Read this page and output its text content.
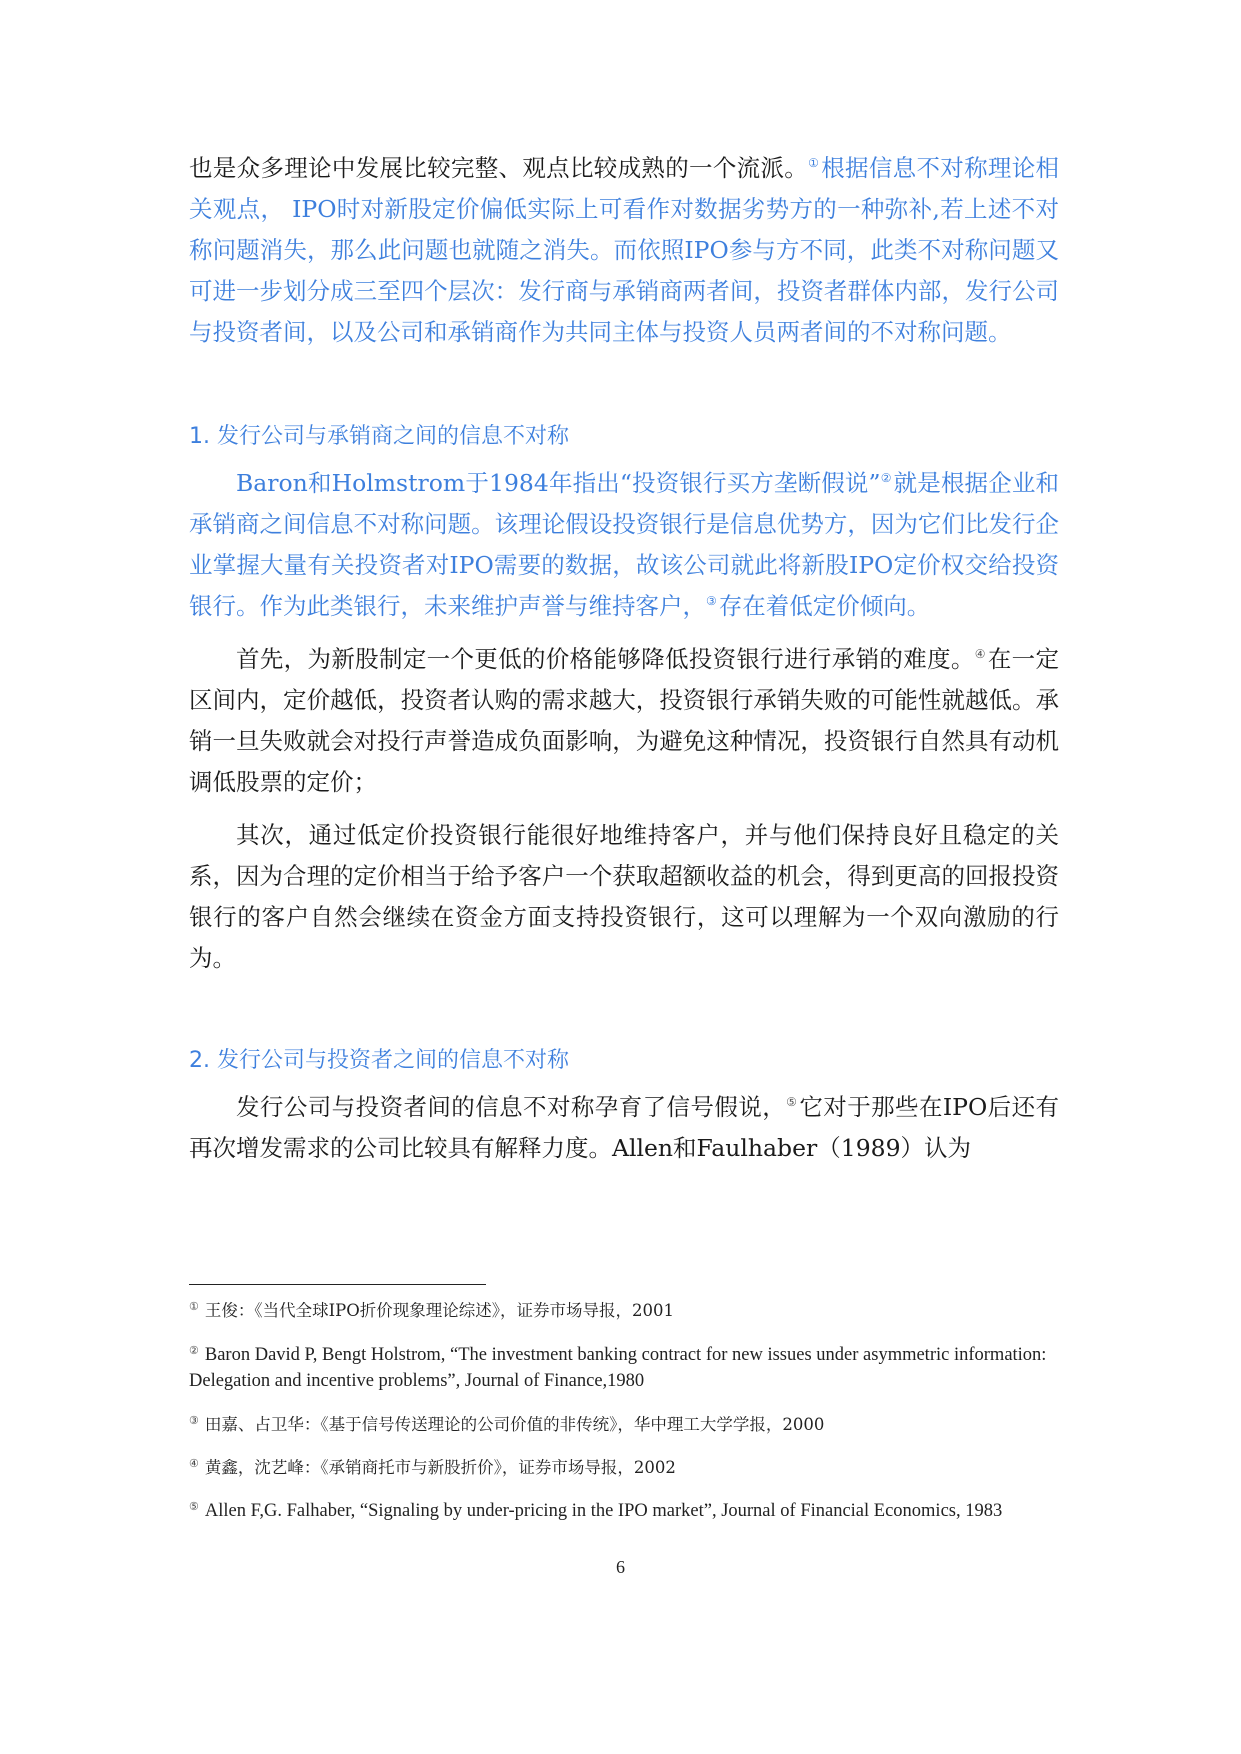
也是众多理论中发展比较完整、观点比较成熟的一个流派。①根据信息不对称理论相关观点， IPO时对新股定价偏低实际上可看作对数据劣势方的一种弥补,若上述不对称问题消失，那么此问题也就随之消失。而依照IPO参与方不同，此类不对称问题又可进一步划分成三至四个层次：发行商与承销商两者间，投资者群体内部，发行公司与投资者间，以及公司和承销商作为共同主体与投资人员两者间的不对称问题。

1. 发行公司与承销商之间的信息不对称

Baron和Holmstrom于1984年指出“投资银行买方垄断假说”②就是根据企业和承销商之间信息不对称问题。该理论假设投资银行是信息优势方，因为它们比发行企业掌握大量有关投资者对IPO需要的数据，故该公司就此将新股IPO定价权交给投资银行。作为此类银行，未来维护声誉与维持客户，③存在着低定价倾向。

首先，为新股制定一个更低的价格能够降低投资银行进行承销的难度。④在一定区间内，定价越低，投资者认购的需求越大，投资银行承销失败的可能性就越低。承销一旦失败就会对投行声誉造成负面影响，为避免这种情况，投资银行自然具有动机调低股票的定价；

其次，通过低定价投资银行能很好地维持客户，并与他们保持良好且稳定的关系，因为合理的定价相当于给予客户一个获取超额收益的机会，得到更高的回报投资银行的客户自然会继续在资金方面支持投资银行，这可以理解为一个双向激励的行为。

2. 发行公司与投资者之间的信息不对称

发行公司与投资者间的信息不对称孕育了信号假说，⑤它对于那些在IPO后还有再次增发需求的公司比较具有解释力度。Allen和Faulhaber（1989）认为

① 王俊：《当代全球IPO折价现象理论综述》，证券市场导报，2001
② Baron David P, Bengt Holstrom, “The investment banking contract for new issues under asymmetric information: Delegation and incentive problems”, Journal of Finance,1980
③ 田嘉、占卫华：《基于信号传送理论的公司价值的非传统》，华中理工大学学报，2000
④ 黄鑫，沈艺峰：《承销商托市与新股折价》，证券市场导报，2002
⑤ Allen F,G. Falhaber, “Signaling by under-pricing in the IPO market”, Journal of Financial Economics, 1983
6
